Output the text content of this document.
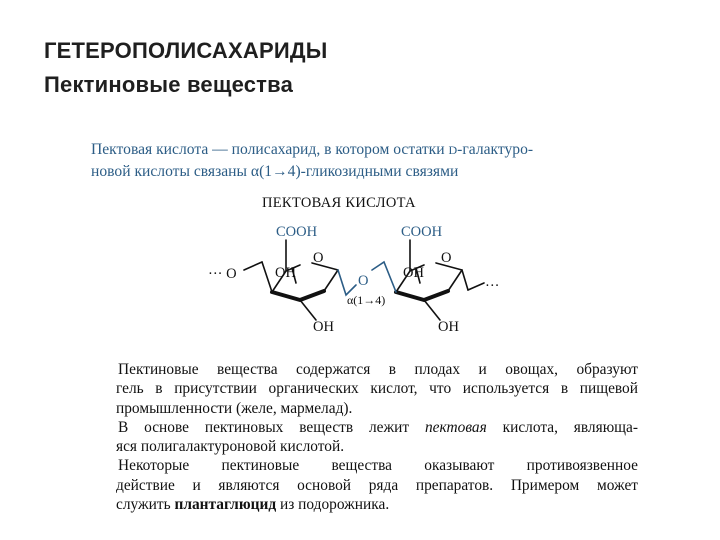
ГЕТЕРОПОЛИСАХАРИДЫ
Пектиновые вещества
Пектовая кислота — полисахарид, в котором остатки D-галактуро-
новой кислоты связаны α(1→4)-гликозидными связями
ПЕКТОВАЯ КИСЛОТА
COOH	COOH
O	O
OH	OH
OH	OH
··· O
···
O
α(1→4)
Пектиновые вещества содержатся в плодах и овощах, образуют
гель в присутствии органических кислот, что используется в пищевой
промышленности (желе, мармелад).
В основе пектиновых веществ лежит пектовая кислота, являюща-
яся полигалактуроновой кислотой.
Некоторые пектиновые вещества оказывают противоязвенное
действие и являются основой ряда препаратов. Примером может
служить плантаглюцид из подорожника.
